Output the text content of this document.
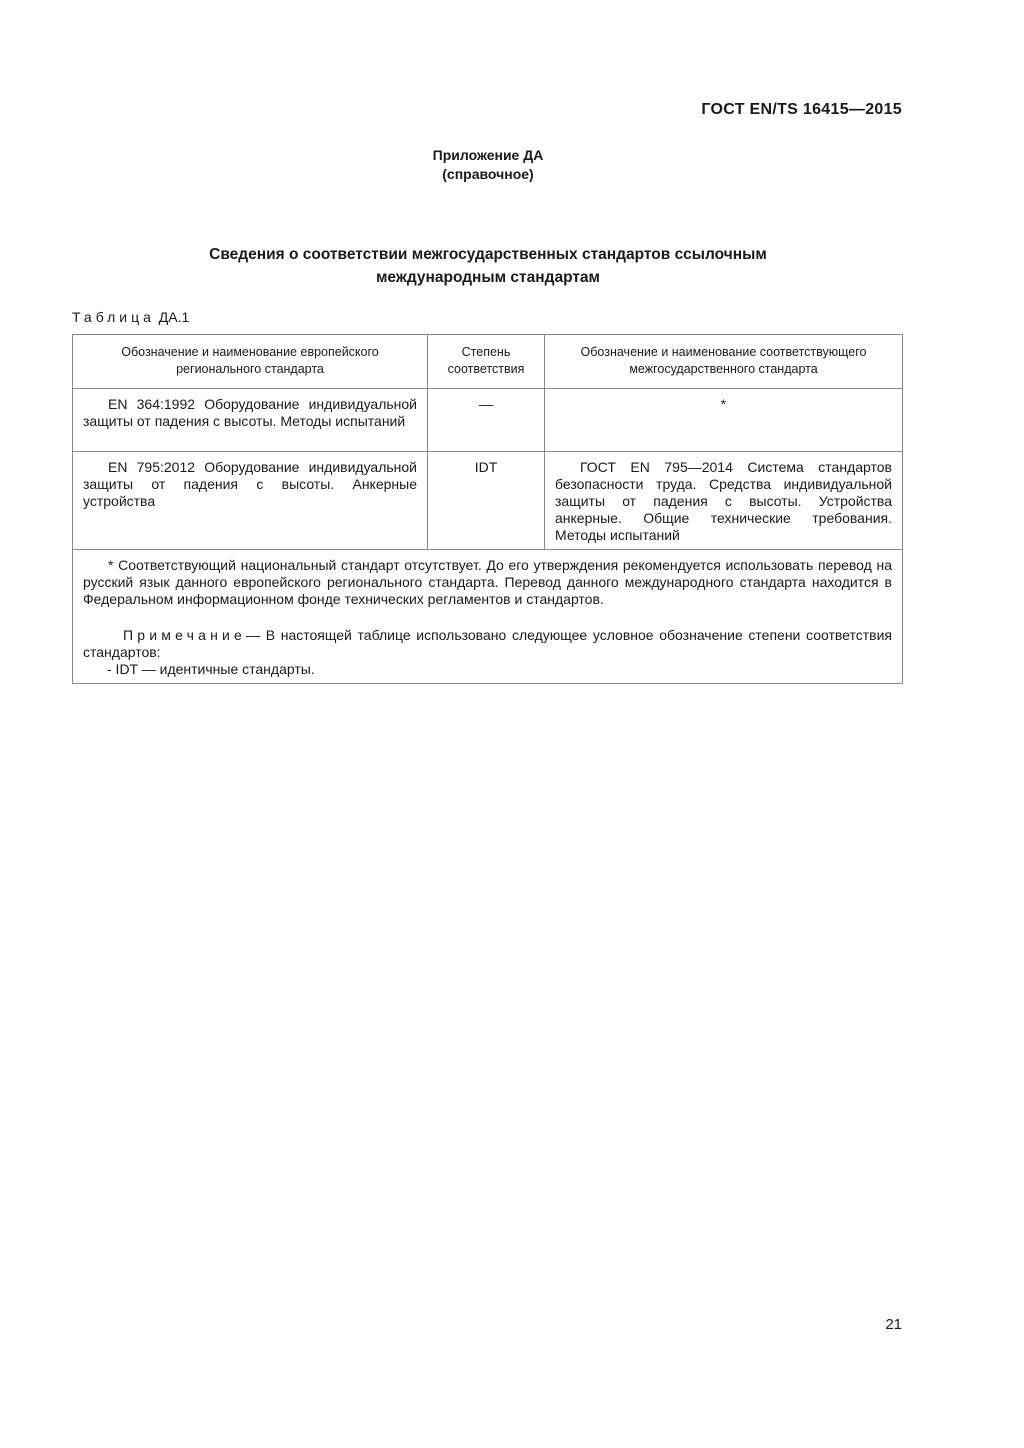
ГОСТ EN/TS 16415—2015
Приложение ДА
(справочное)
Сведения о соответствии межгосударственных стандартов ссылочным международным стандартам
Таблица ДА.1
Обозначение и наименование европейского регионального стандарта	Степень соответствия	Обозначение и наименование соответствующего межгосударственного стандарта
EN 364:1992 Оборудование индивидуальной защиты от падения с высоты. Методы испытаний	—	*
EN 795:2012 Оборудование индивидуальной защиты от падения с высоты. Анкерные устройства	IDT	ГОСТ EN 795—2014 Система стандартов безопасности труда. Средства индивидуальной защиты от падения с высоты. Устройства анкерные. Общие технические требования. Методы испытаний

* Соответствующий национальный стандарт отсутствует. До его утверждения рекомендуется использовать перевод на русский язык данного европейского регионального стандарта. Перевод данного международного стандарта находится в Федеральном информационном фонде технических регламентов и стандартов.

Примечание— В настоящей таблице использовано следующее условное обозначение степени соответствия стандартов:

- IDT — идентичные стандарты.		

21
